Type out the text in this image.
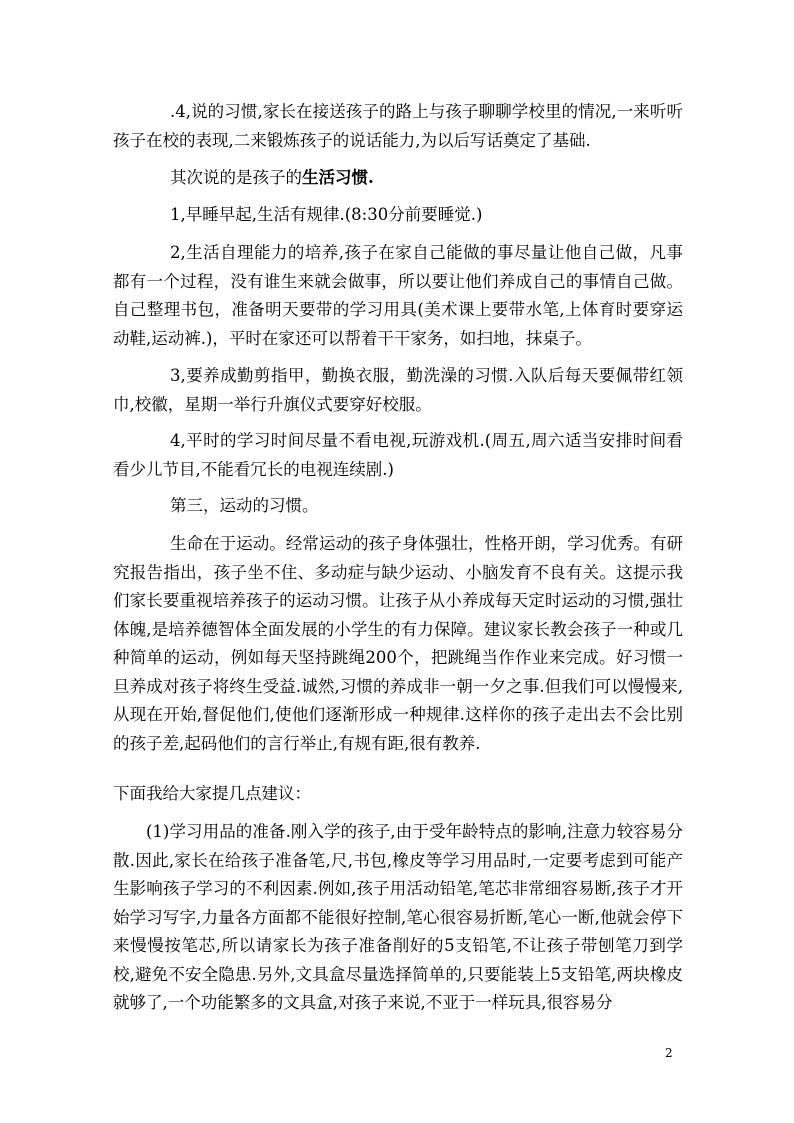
.4,说的习惯,家长在接送孩子的路上与孩子聊聊学校里的情况,一来听听孩子在校的表现,二来锻炼孩子的说话能力,为以后写话奠定了基础.
其次说的是孩子的生活习惯.
1,早睡早起,生活有规律.(8:30分前要睡觉.)
2,生活自理能力的培养,孩子在家自己能做的事尽量让他自己做，凡事都有一个过程，没有谁生来就会做事，所以要让他们养成自己的事情自己做。自己整理书包，准备明天要带的学习用具(美术课上要带水笔,上体育时要穿运动鞋,运动裤.)，平时在家还可以帮着干干家务，如扫地，抹桌子。
3,要养成勤剪指甲，勤换衣服，勤洗澡的习惯.入队后每天要佩带红领巾,校徽，星期一举行升旗仪式要穿好校服。
4,平时的学习时间尽量不看电视,玩游戏机.(周五,周六适当安排时间看看少儿节目,不能看冗长的电视连续剧.)
第三，运动的习惯。
生命在于运动。经常运动的孩子身体强壮，性格开朗，学习优秀。有研究报告指出，孩子坐不住、多动症与缺少运动、小脑发育不良有关。这提示我们家长要重视培养孩子的运动习惯。让孩子从小养成每天定时运动的习惯,强壮体魄,是培养德智体全面发展的小学生的有力保障。建议家长教会孩子一种或几种简单的运动，例如每天坚持跳绳200个，把跳绳当作作业来完成。好习惯一旦养成对孩子将终生受益.诚然,习惯的养成非一朝一夕之事.但我们可以慢慢来,从现在开始,督促他们,使他们逐渐形成一种规律.这样你的孩子走出去不会比别的孩子差,起码他们的言行举止,有规有距,很有教养.
下面我给大家提几点建议：
(1)学习用品的准备.刚入学的孩子,由于受年龄特点的影响,注意力较容易分散.因此,家长在给孩子准备笔,尺,书包,橡皮等学习用品时,一定要考虑到可能产生影响孩子学习的不利因素.例如,孩子用活动铅笔,笔芯非常细容易断,孩子才开始学习写字,力量各方面都不能很好控制,笔心很容易折断,笔心一断,他就会停下来慢慢按笔芯,所以请家长为孩子准备削好的5支铅笔,不让孩子带刨笔刀到学校,避免不安全隐患.另外,文具盒尽量选择简单的,只要能装上5支铅笔,两块橡皮就够了,一个功能繁多的文具盒,对孩子来说,不亚于一样玩具,很容易分
2
